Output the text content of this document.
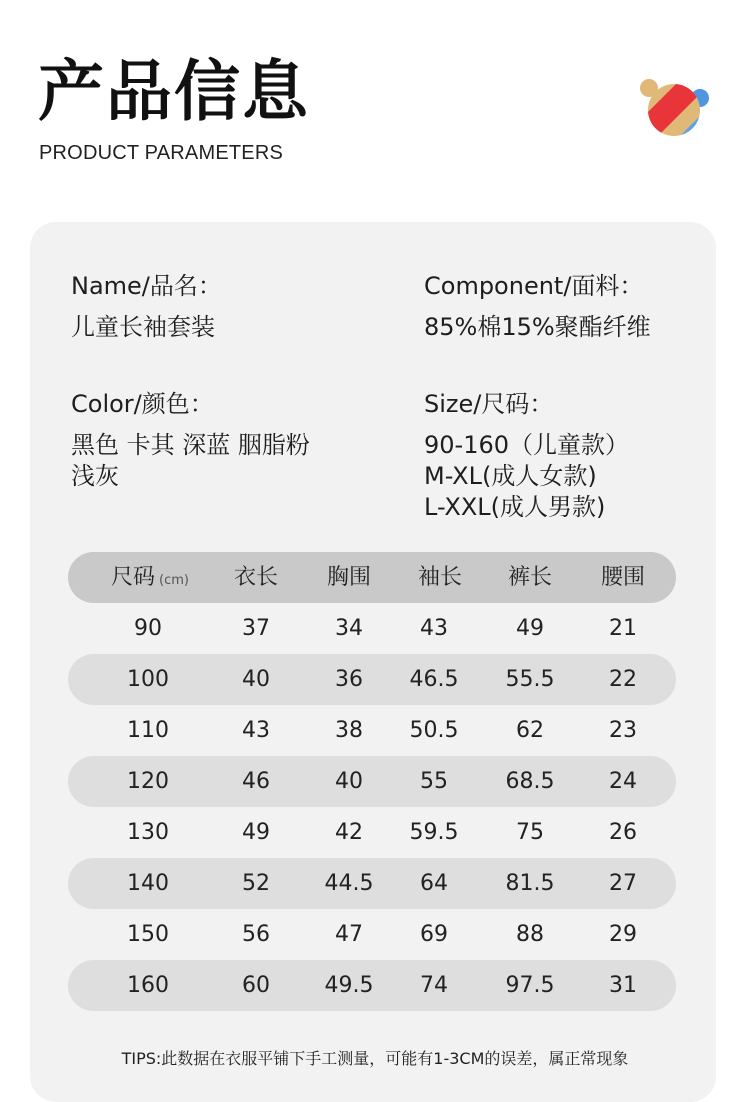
产品信息
PRODUCT PARAMETERS
Name/品名：
儿童长袖套装
Component/面料：
85%棉15%聚酯纤维
Color/颜色：
黑色 卡其 深蓝 胭脂粉
浅灰
Size/尺码：
90-160（儿童款）
M-XL(成人女款)
L-XXL(成人男款)
尺码 (cm) 衣长 胸围 袖长 裤长 腰围
90	37	34	43	49	21
100	40	36 46.5 55.5 22
110	43	38 50.5	62	23
120	46	40	55	68.5 24
130	49	42 59.5	75	26
140	52 44.5 64	81.5 27
150	56	47	69	88	29
160	60 49.5 74	97.5 31
TIPS:此数据在衣服平铺下手工测量，可能有1-3CM的误差，属正常现象
